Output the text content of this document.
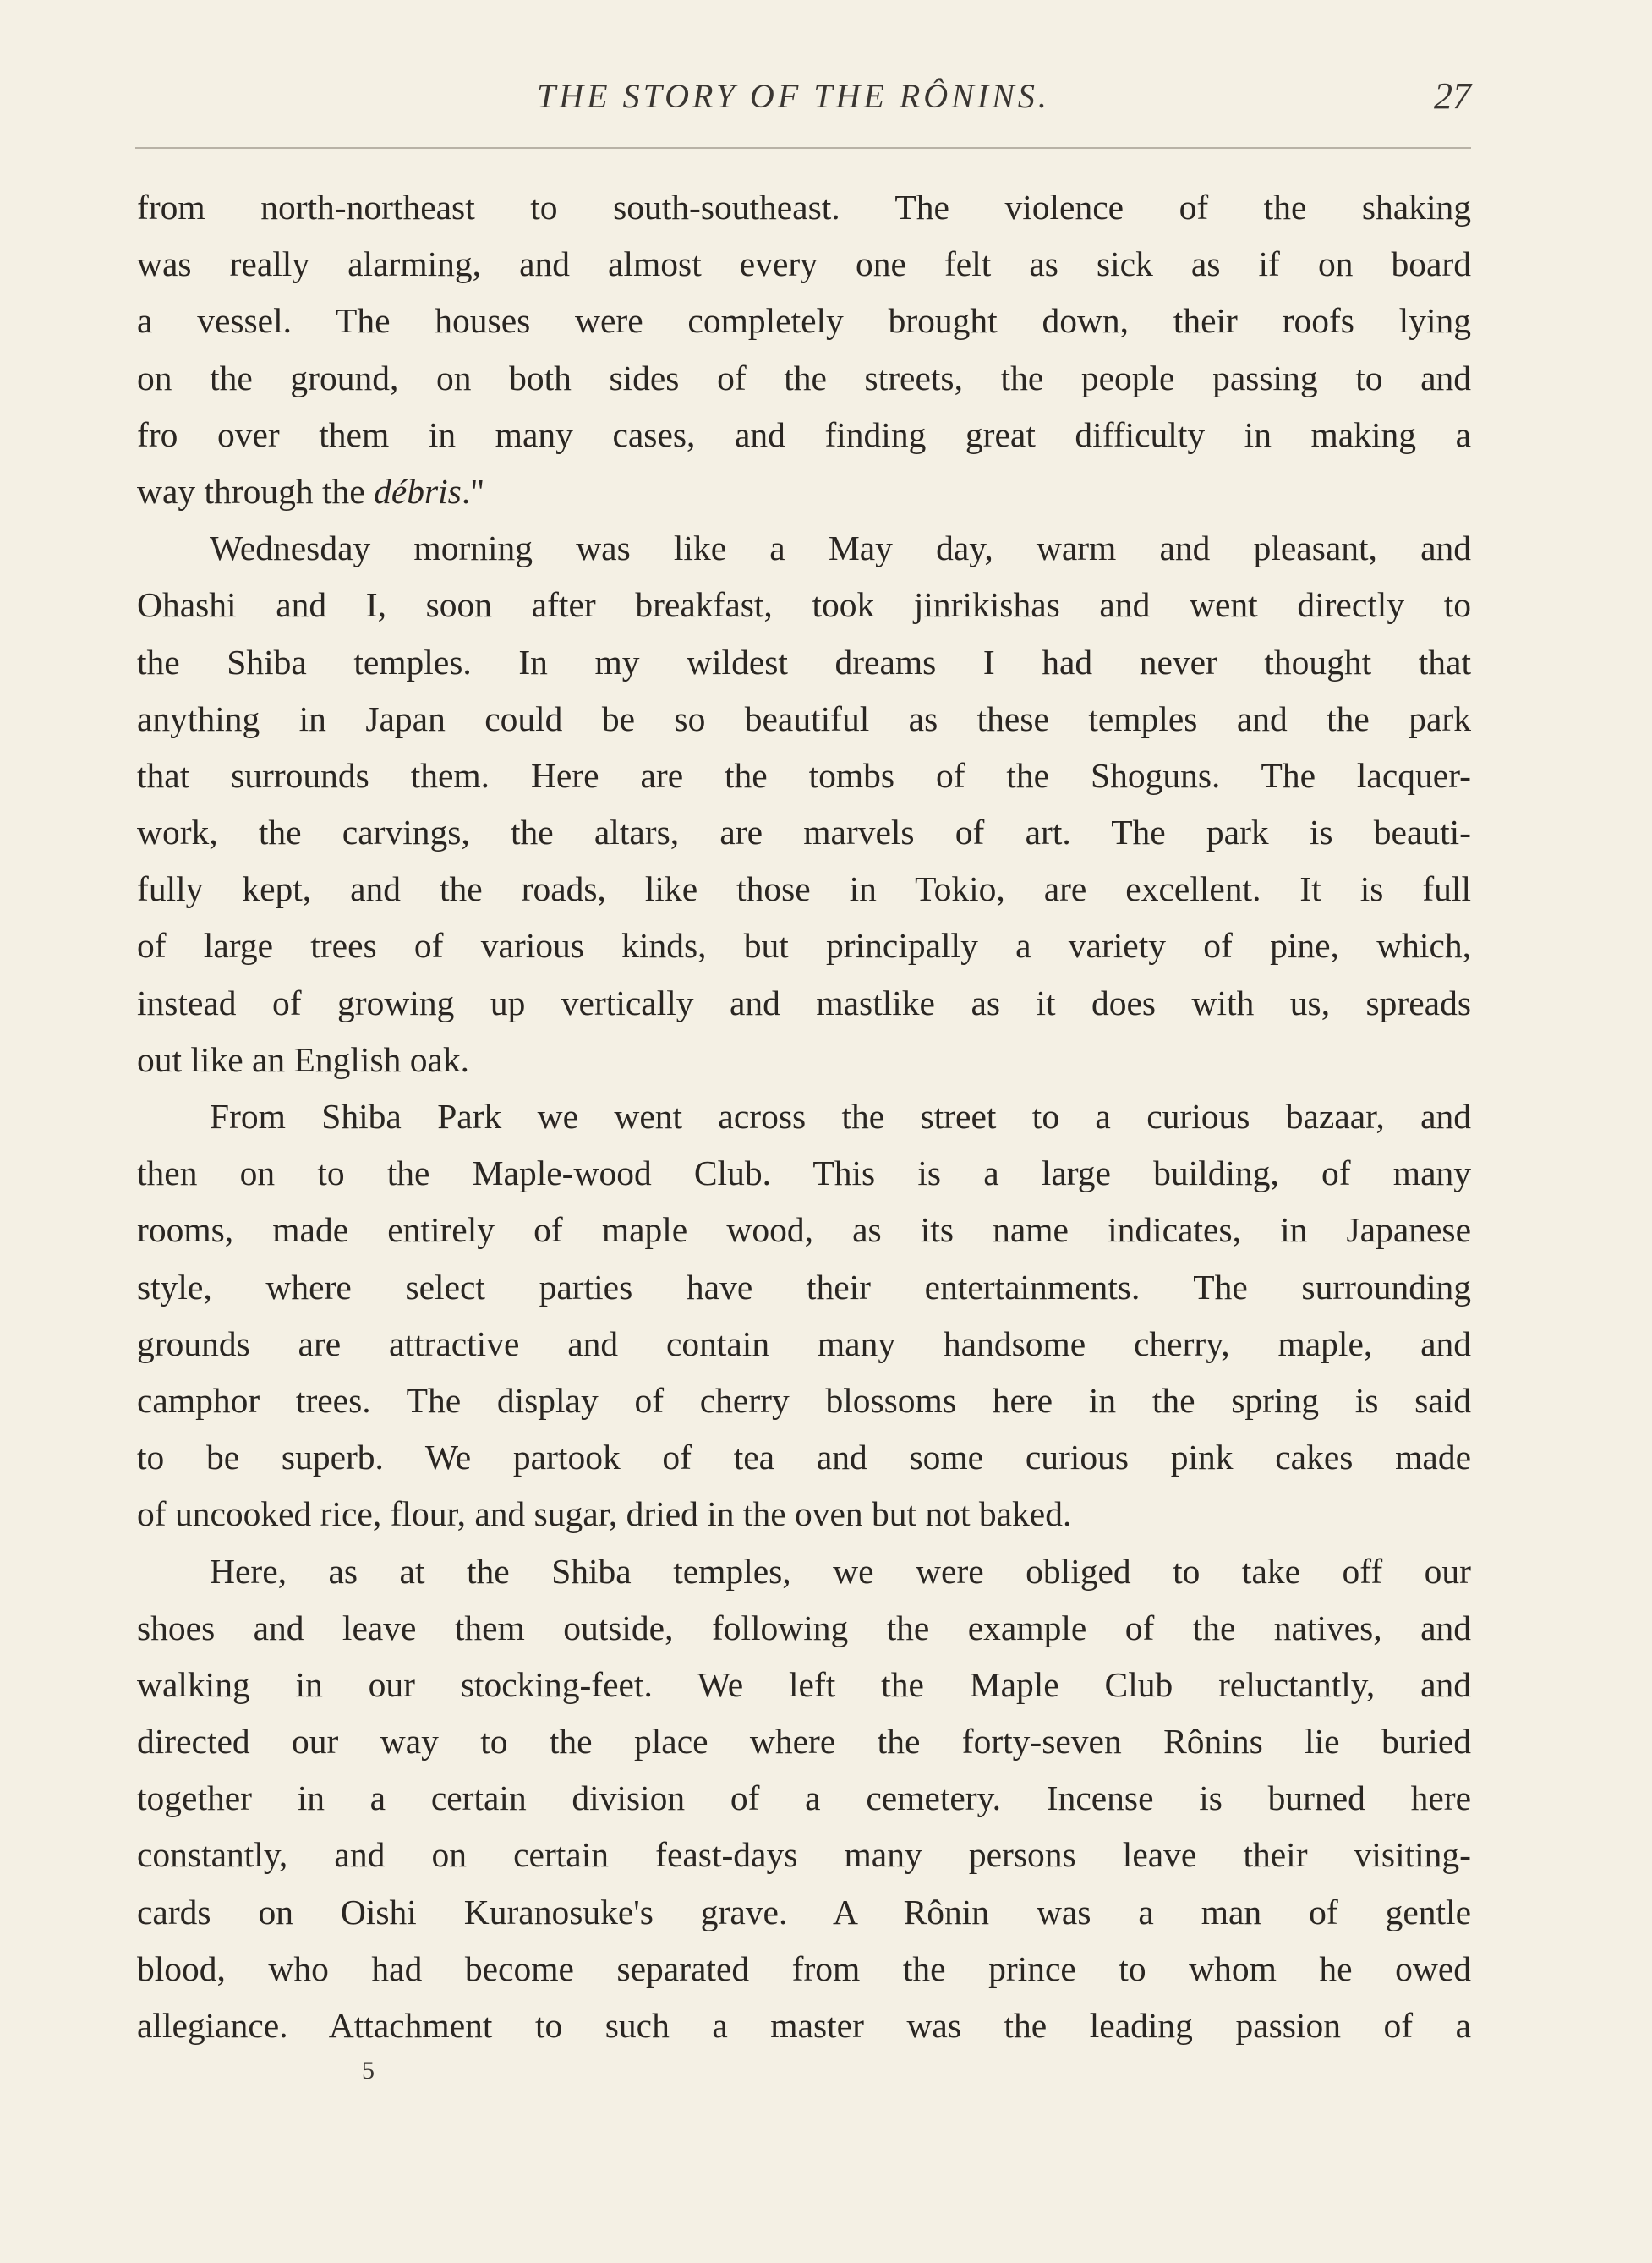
THE STORY OF THE RÔNINS.	27
from north-northeast to south-southeast. The violence of the shaking
was really alarming, and almost every one felt as sick as if on board
a vessel. The houses were completely brought down, their roofs lying
on the ground, on both sides of the streets, the people passing to and
fro over them in many cases, and finding great difficulty in making a
way through the débris."
Wednesday morning was like a May day, warm and pleasant, and
Ohashi and I, soon after breakfast, took jinrikishas and went directly to
the Shiba temples. In my wildest dreams I had never thought that
anything in Japan could be so beautiful as these temples and the park
that surrounds them. Here are the tombs of the Shoguns. The lacquer-
work, the carvings, the altars, are marvels of art. The park is beauti-
fully kept, and the roads, like those in Tokio, are excellent. It is full
of large trees of various kinds, but principally a variety of pine, which,
instead of growing up vertically and mastlike as it does with us, spreads
out like an English oak.
From Shiba Park we went across the street to a curious bazaar, and
then on to the Maple-wood Club. This is a large building, of many
rooms, made entirely of maple wood, as its name indicates, in Japanese
style, where select parties have their entertainments. The surrounding
grounds are attractive and contain many handsome cherry, maple, and
camphor trees. The display of cherry blossoms here in the spring is said
to be superb. We partook of tea and some curious pink cakes made
of uncooked rice, flour, and sugar, dried in the oven but not baked.
Here, as at the Shiba temples, we were obliged to take off our
shoes and leave them outside, following the example of the natives, and
walking in our stocking-feet. We left the Maple Club reluctantly, and
directed our way to the place where the forty-seven Rônins lie buried
together in a certain division of a cemetery. Incense is burned here
constantly, and on certain feast-days many persons leave their visiting-
cards on Oishi Kuranosuke's grave. A Rônin was a man of gentle
blood, who had become separated from the prince to whom he owed
allegiance. Attachment to such a master was the leading passion of a
5
